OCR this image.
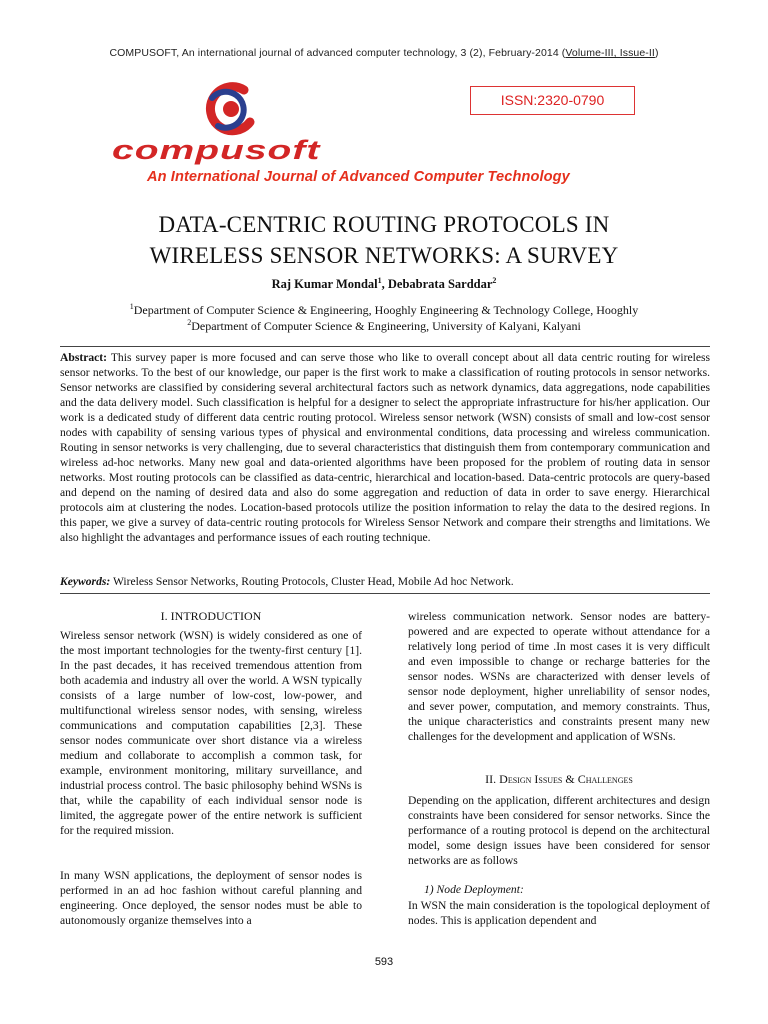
COMPUSOFT, An international journal of advanced computer technology, 3 (2), February-2014 (Volume-III, Issue-II)
ISSN:2320-0790
compusoft
An International Journal of Advanced Computer Technology
DATA-CENTRIC ROUTING PROTOCOLS IN
WIRELESS SENSOR NETWORKS: A SURVEY
Raj Kumar Mondal$^1$, Debabrata Sarddar$^2$
$^1$Department of Computer Science & Engineering, Hooghly Engineering & Technology College, Hooghly
$^2$Department of Computer Science & Engineering, University of Kalyani, Kalyani
Abstract: This survey paper is more focused and can serve those who like to overall concept about all data centric routing for wireless sensor networks. To the best of our knowledge, our paper is the first work to make a classification of routing protocols in sensor networks. Sensor networks are classified by considering several architectural factors such as network dynamics, data aggregations, node capabilities and the data delivery model. Such classification is helpful for a designer to select the appropriate infrastructure for his/her application. Our work is a dedicated study of different data centric routing protocol. Wireless sensor network (WSN) consists of small and low-cost sensor nodes with capability of sensing various types of physical and environmental conditions, data processing and wireless communication. Routing in sensor networks is very challenging, due to several characteristics that distinguish them from contemporary communication and wireless ad-hoc networks. Many new goal and data-oriented algorithms have been proposed for the problem of routing data in sensor networks. Most routing protocols can be classified as data-centric, hierarchical and location-based. Data-centric protocols are query-based and depend on the naming of desired data and also do some aggregation and reduction of data in order to save energy. Hierarchical protocols aim at clustering the nodes. Location-based protocols utilize the position information to relay the data to the desired regions. In this paper, we give a survey of data-centric routing protocols for Wireless Sensor Network and compare their strengths and limitations. We also highlight the advantages and performance issues of each routing technique.
Keywords: Wireless Sensor Networks, Routing Protocols, Cluster Head, Mobile Ad hoc Network.
I. INTRODUCTION
Wireless sensor network (WSN) is widely considered as one of the most important technologies for the twenty-first century [1]. In the past decades, it has received tremendous attention from both academia and industry all over the world. A WSN typically consists of a large number of low-cost, low-power, and multifunctional wireless sensor nodes, with sensing, wireless communications and computation capabilities [2,3]. These sensor nodes communicate over short distance via a wireless medium and collaborate to accomplish a common task, for example, environment monitoring, military surveillance, and industrial process control. The basic philosophy behind WSNs is that, while the capability of each individual sensor node is limited, the aggregate power of the entire network is sufficient for the required mission.
In many WSN applications, the deployment of sensor nodes is performed in an ad hoc fashion without careful planning and engineering. Once deployed, the sensor nodes must be able to autonomously organize themselves into a
wireless communication network. Sensor nodes are battery-powered and are expected to operate without attendance for a relatively long period of time .In most cases it is very difficult and even impossible to change or recharge batteries for the sensor nodes. WSNs are characterized with denser levels of sensor node deployment, higher unreliability of sensor nodes, and sever power, computation, and memory constraints. Thus, the unique characteristics and constraints present many new challenges for the development and application of WSNs.
II. Design Issues & Challenges
Depending on the application, different architectures and design constraints have been considered for sensor networks. Since the performance of a routing protocol is depend on the architectural model, some design issues have been considered for sensor networks are as follows
1) Node Deployment:
In WSN the main consideration is the topological deployment of nodes. This is application dependent and
593
